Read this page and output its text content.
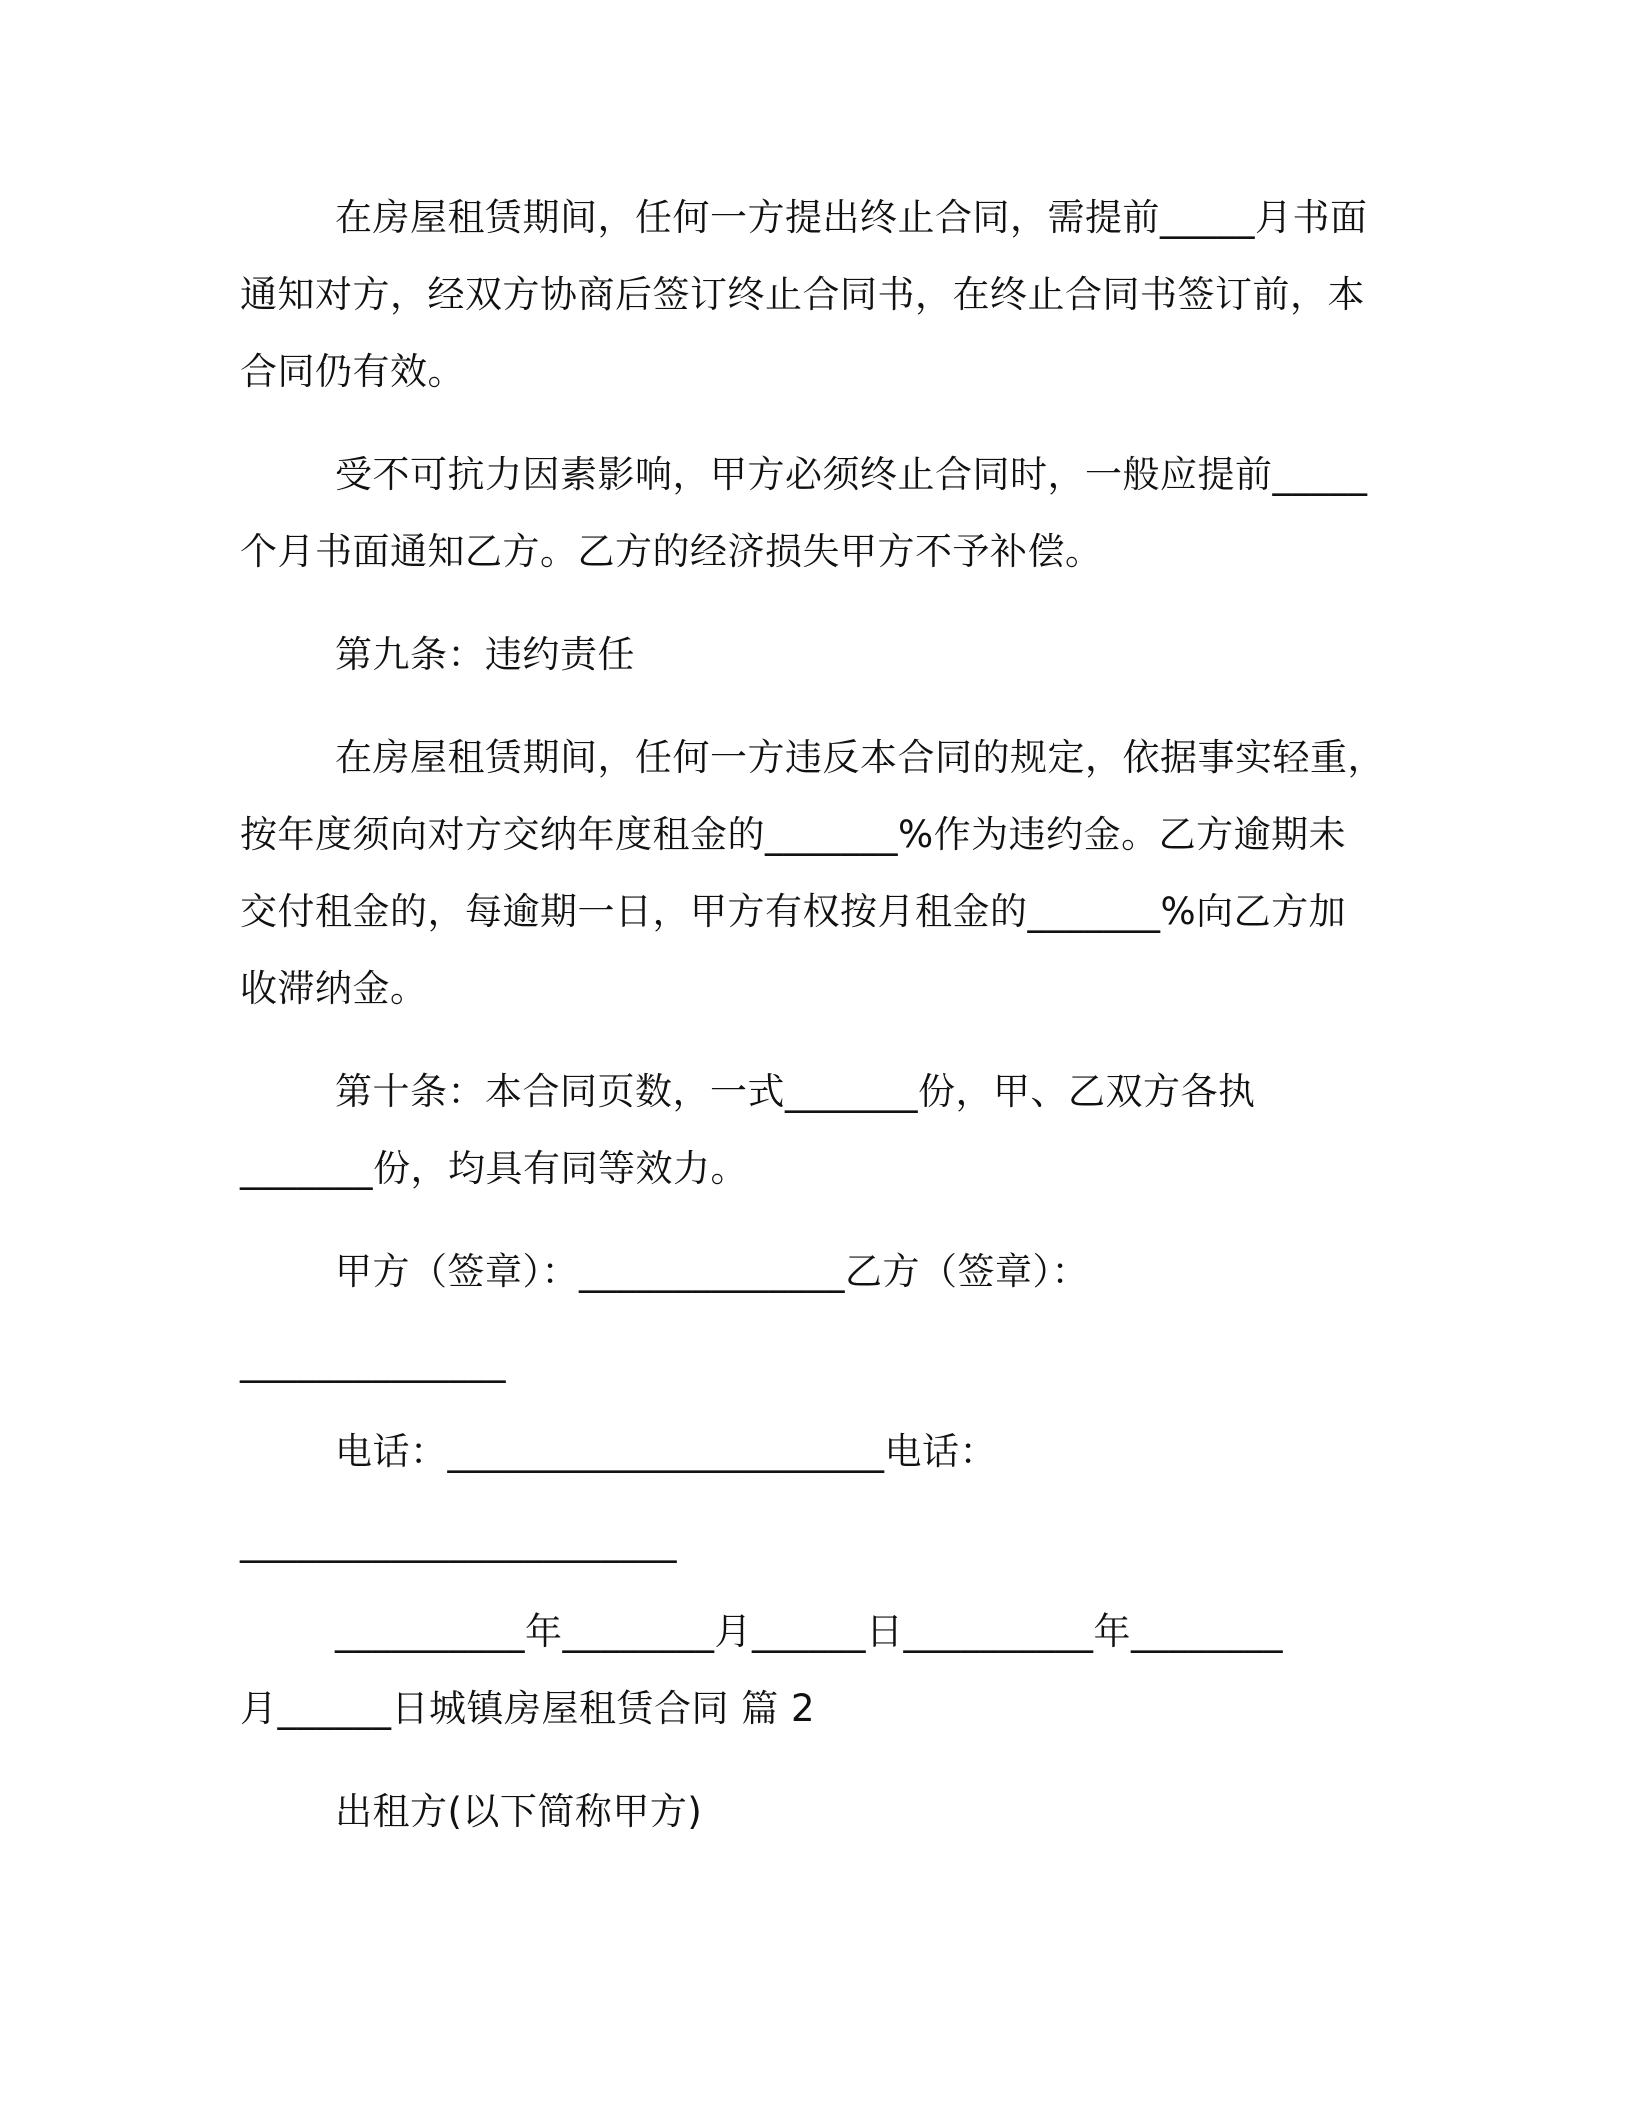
在房屋租赁期间，任何一方提出终止合同，需提前_____月书面
通知对方，经双方协商后签订终止合同书，在终止合同书签订前，本
合同仍有效。
受不可抗力因素影响，甲方必须终止合同时，一般应提前_____
个月书面通知乙方。乙方的经济损失甲方不予补偿。
第九条：违约责任
在房屋租赁期间，任何一方违反本合同的规定，依据事实轻重，
按年度须向对方交纳年度租金的_______%作为违约金。乙方逾期未
交付租金的，每逾期一日，甲方有权按月租金的_______%向乙方加
收滞纳金。
第十条：本合同页数，一式_______份，甲、乙双方各执
_______份，均具有同等效力。
甲方（签章）：______________乙方（签章）：
______________
电话：_______________________电话：
_______________________
__________年________月______日__________年________
月______日城镇房屋租赁合同 篇 2
出租方(以下简称甲方)
